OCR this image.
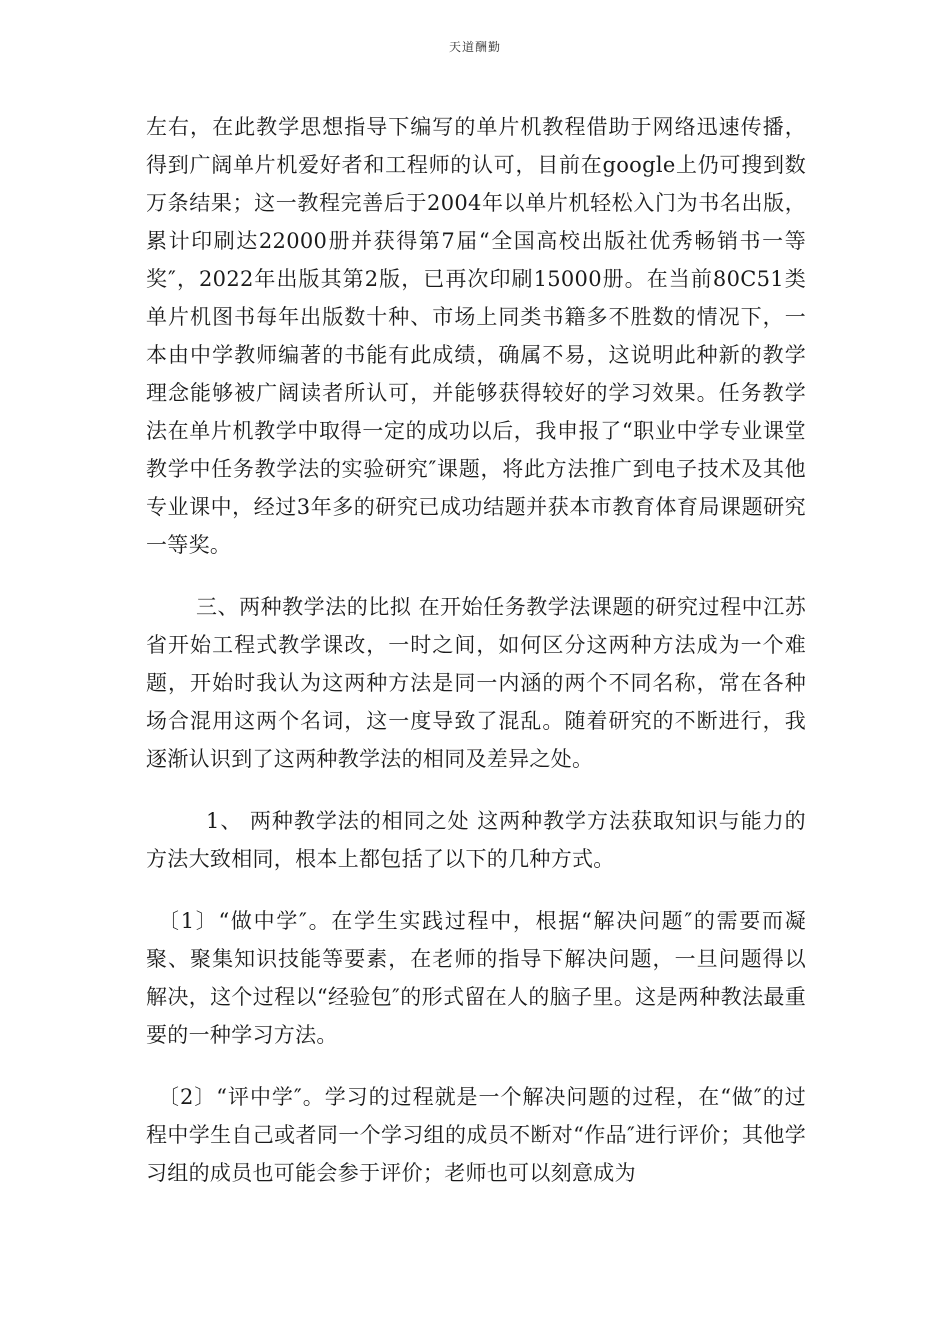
天道酬勤

左右，在此教学思想指导下编写的单片机教程借助于网络迅速传播，得到广阔单片机爱好者和工程师的认可，目前在google上仍可搜到数万条结果；这一教程完善后于2004年以单片机轻松入门为书名出版，累计印刷达22000册并获得第7届“全国高校出版社优秀畅销书一等奖″，2022年出版其第2版，已再次印刷15000册。在当前80C51类单片机图书每年出版数十种、市场上同类书籍多不胜数的情况下，一本由中学教师编著的书能有此成绩，确属不易，这说明此种新的教学理念能够被广阔读者所认可，并能够获得较好的学习效果。任务教学法在单片机教学中取得一定的成功以后，我申报了“职业中学专业课堂教学中任务教学法的实验研究″课题，将此方法推广到电子技术及其他专业课中，经过3年多的研究已成功结题并获本市教育体育局课题研究一等奖。

三、两种教学法的比拟 在开始任务教学法课题的研究过程中江苏省开始工程式教学课改，一时之间，如何区分这两种方法成为一个难题，开始时我认为这两种方法是同一内涵的两个不同名称，常在各种场合混用这两个名词，这一度导致了混乱。随着研究的不断进行，我逐渐认识到了这两种教学法的相同及差异之处。

1、 两种教学法的相同之处 这两种教学方法获取知识与能力的方法大致相同，根本上都包括了以下的几种方式。

〔1〕“做中学″。在学生实践过程中，根据“解决问题″的需要而凝聚、聚集知识技能等要素，在老师的指导下解决问题，一旦问题得以解决，这个过程以“经验包″的形式留在人的脑子里。这是两种教法最重要的一种学习方法。

〔2〕“评中学″。学习的过程就是一个解决问题的过程，在“做″的过程中学生自己或者同一个学习组的成员不断对“作品″进行评价；其他学习组的成员也可能会参于评价；老师也可以刻意成为
